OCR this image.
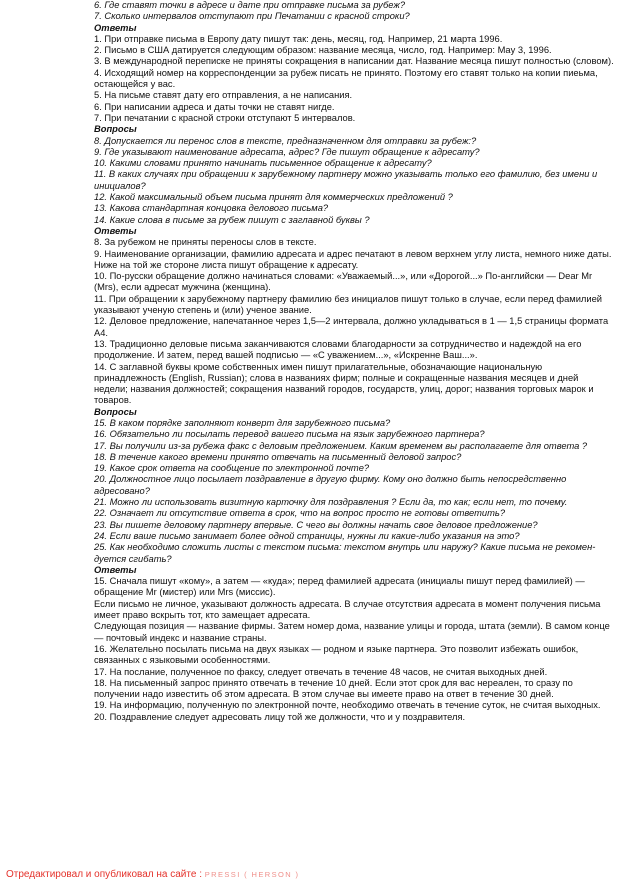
6. Где ставят точки в адресе и дате при отправке письма за рубеж?

7. Сколько интервалов отступают при Печатании с красной строки?

Ответы

1. При отправке письма в Европу дату пишут так: день, месяц, год. Например, 21 марта 1996.

2. Письмо в США датируется следующим образом: название месяца, число, год. Например: May 3, 1996.

3. В международной переписке не приняты сокращения в написании дат. Название месяца пишут полностью (словом).

4. Исходящий номер на корреспонденции за рубеж писать не принято. Поэтому его ставят только на копии пиеьма, остающейся у вас.

5. На письме ставят дату его отправления, а не написания.

6. При написании адреса и даты точки не ставят нигде.

7. При печатании с красной строки отступают 5 интервалов.

Вопросы

8. Допускается ли перенос слов в тексте, предназначенном для отправки за рубеж:?

9. Где указывают наименование адресата, адрес? Где пишут обращение к адресату?

10. Какими словами принято начинать письменное обращение к адресату?

11. В каких случаях при обращении к зарубежному партнеру можно указывать только его фамилию, без имени и инициалов?

12. Какой максимальный объем письма принят для коммерческих предложений ?

13. Какова стандартная концовка делового письма?

14. Какие слова в письме за рубеж пишут с заглавной буквы ?

Ответы

8. За рубежом не приняты переносы слов в тексте.

9. Наименование организации, фамилию адресата и адрес печатают в левом верхнем углу листа, немного ниже даты. Ниже на той же стороне листа пишут обращение к адресату.

10. По-русски обращение должно начинаться словами: «Уважаемый...», или «Дорогой...» По-английски — Dear Mr (Mrs), если адресат мужчина (женщина).

11. При обращении к зарубежному партнеру фамилию без инициалов пишут только в случае, если перед фамилией указывают ученую степень и (или) ученое звание.

12. Деловое предложение, напечатанное через 1,5—2 интервала, должно укладываться в 1 — 1,5 страницы формата А4.

13. Традиционно деловые письма заканчиваются словами благодарности за сотрудничество и надеждой на его продолжение. И затем, перед вашей подписью — «С уважением...», «Искренне Ваш...».

14. С заглавной буквы кроме собственных имен пишут прилагательные, обозначающие национальную принадлежность (English, Russian); слова в названиях фирм; полные и сокращенные названия месяцев и дней недели; названия должностей; сокращения названий городов, государств, улиц, дорог; названия торговых марок и товаров.

Вопросы

15. В каком порядке заполняют конверт для зарубежного письма?

16. Обязательно ли посылать перевод вашего письма на язык зарубежного партнера?

17. Вы получили из-за рубежа факс с деловым предложением. Каким временем вы располагаете для ответа ?

18. В течение какого времени принято отвечать на письменный деловой запрос?

19. Какое срок ответа на сообщение по электронной почте?

20. Должностное лицо посылает поздравление в другую фирму. Кому оно должно быть непосредственно адресовано?

21. Можно ли использовать визитную карточку для поздравления ? Если да, то как; если нет, то почему.

22. Означает ли отсутствие ответа в срок, что на вопрос просто не готовы ответить?

23. Вы пишете деловому партнеру впервые. С чего вы должны начать свое деловое предложение?

24. Если ваше письмо занимает более одной страницы, нужны ли какие-либо указания на это?

25. Как необходимо сложить листы с текстом письма: текстом внутрь или наружу? Какие письма не рекомен-дуется сгибать?

Ответы

15. Сначала пишут «кому», а затем — «куда»; перед фамилией адресата (инициалы пишут перед фамилией) — обращение Mr (мистер) или Mrs (миссис).

Если письмо не личное, указывают должность адресата. В случае отсутствия адресата в момент получения письма имеет право вскрыть тот, кто замещает адресата.

Следующая позиция — название фирмы. Затем номер дома, название улицы и города, штата (земли). В самом конце — почтовый индекс и название страны.

16. Желательно посылать письма на двух языках — родном и языке партнера. Это позволит избежать ошибок, связанных с языковыми особенностями.

17. На послание, полученное по факсу, следует отвечать в течение 48 часов, не считая выходных дней.

18. На письменный запрос принято отвечать в течение 10 дней. Если этот срок для вас нереален, то сразу по получении надо известить об этом адресата. В этом случае вы имеете право на ответ в течение 30 дней.

19. На информацию, полученную по электронной почте, необходимо отвечать в течение суток, не считая выходных.

20. Поздравление следует адресовать лицу той же должности, что и у поздравителя.

Отредактировал и опубликовал на сайте : PRESSI ( HERSON )
